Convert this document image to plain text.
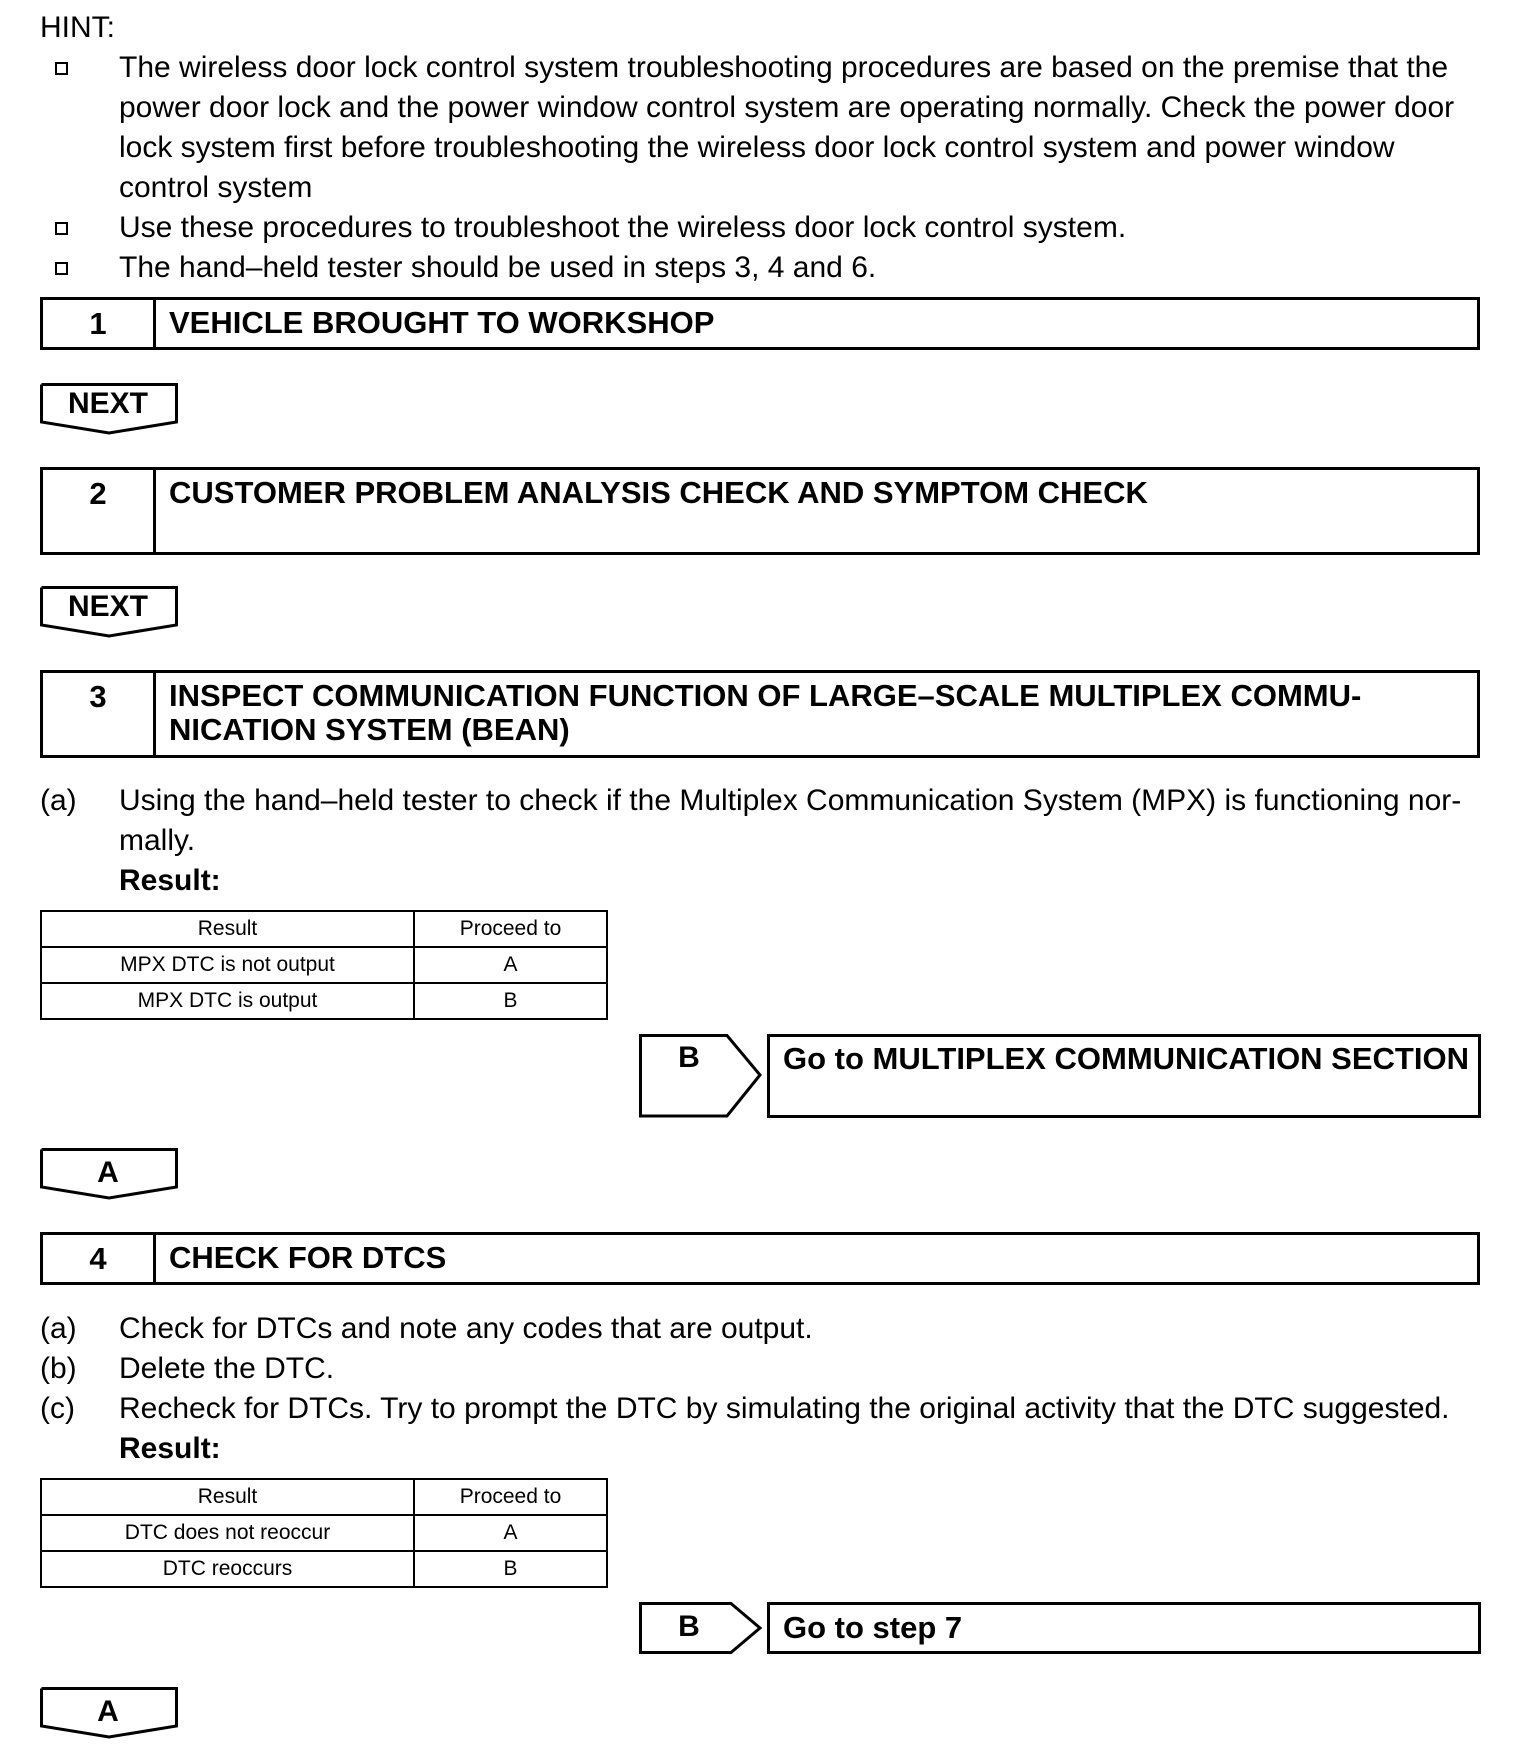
HINT:
The wireless door lock control system troubleshooting procedures are based on the premise that the
power door lock and the power window control system are operating normally. Check the power door
lock system first before troubleshooting the wireless door lock control system and power window
control system
Use these procedures to troubleshoot the wireless door lock control system.
The hand–held tester should be used in steps 3, 4 and 6.
1	VEHICLE BROUGHT TO WORKSHOP
NEXT
2	CUSTOMER PROBLEM ANALYSIS CHECK AND SYMPTOM CHECK
NEXT
3	INSPECT COMMUNICATION FUNCTION OF LARGE–SCALE MULTIPLEX COMMU-
NICATION SYSTEM (BEAN)
(a) Using the hand–held tester to check if the Multiplex Communication System (MPX) is functioning nor-
mally.
Result:
Result	Proceed to
MPX DTC is not output	A
MPX DTC is output	B
B	Go to MULTIPLEX COMMUNICATION SECTION
A
4	CHECK FOR DTCS
(a) Check for DTCs and note any codes that are output.
(b) Delete the DTC.
(c) Recheck for DTCs. Try to prompt the DTC by simulating the original activity that the DTC suggested.
Result:
Result	Proceed to
DTC does not reoccur	A
DTC reoccurs	B
B	Go to step 7
A
